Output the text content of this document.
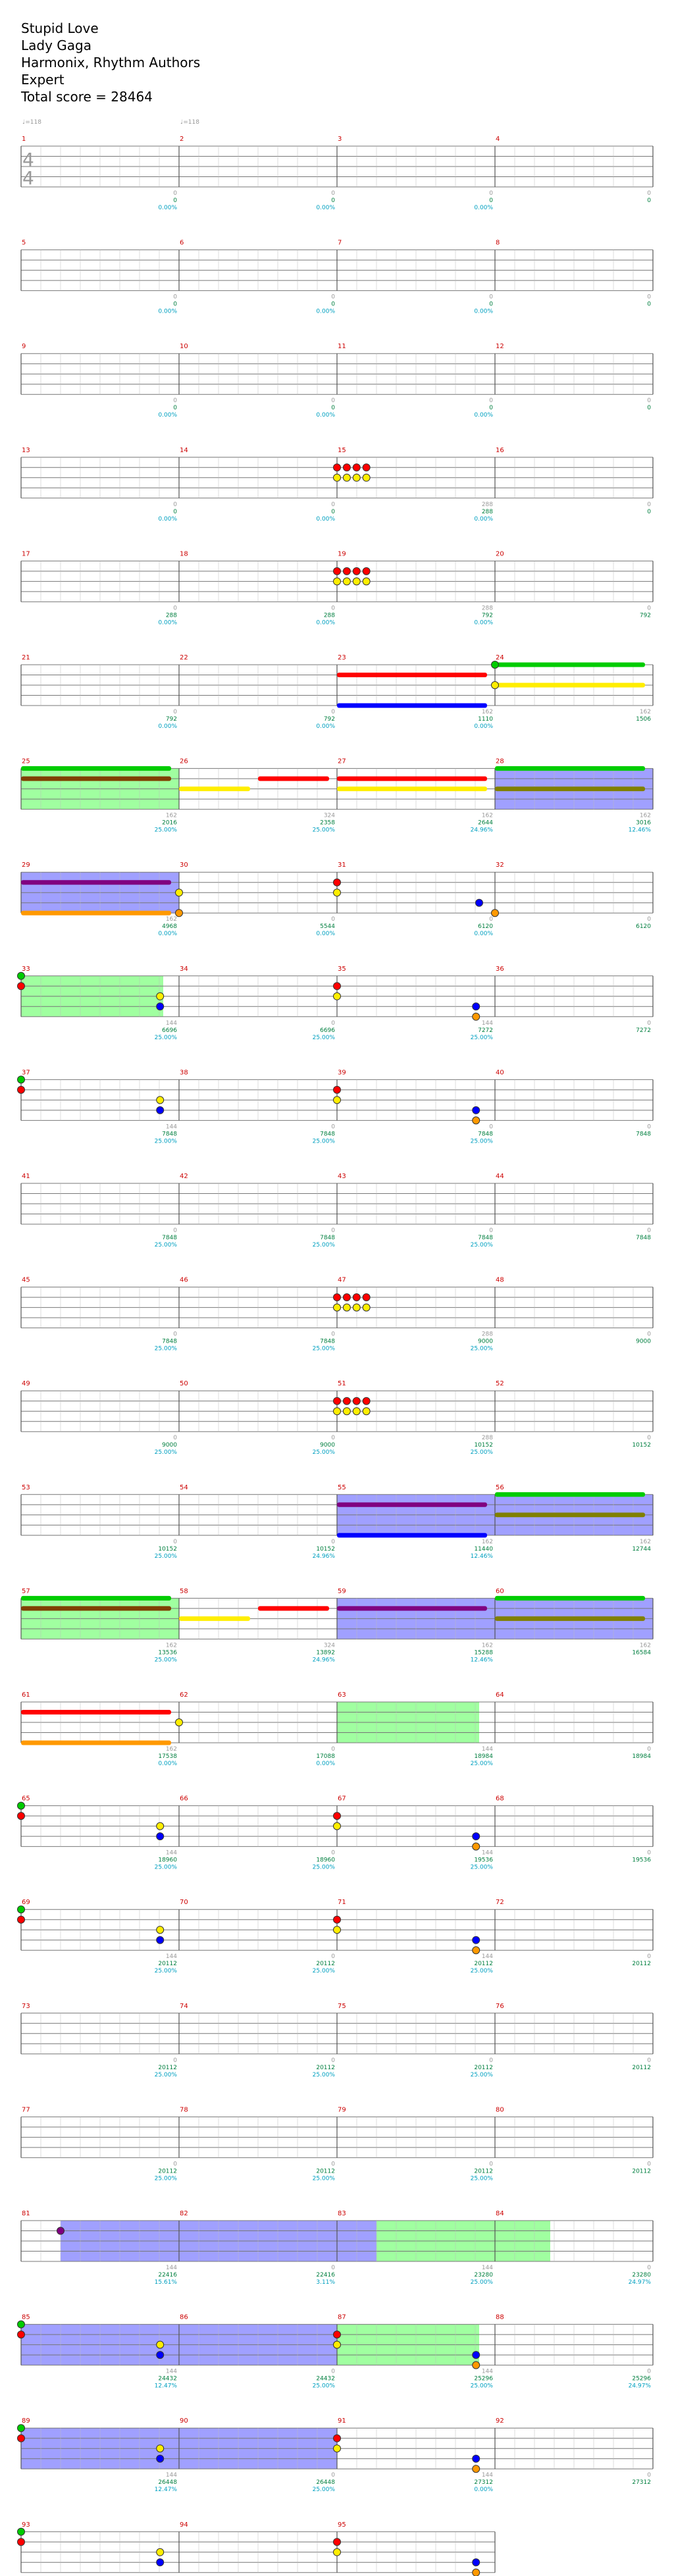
Stupid Love
Lady Gaga
Harmonix, Rhythm Authors
Expert
Total score = 28464
1
0
0
0.00%
2
0
0
0.00%
3
0
0
0.00%
4
0
0
5
0
0
0.00%
6
0
0
0.00%
7
0
0
0.00%
8
0
0
9
0
0
0.00%
10
0
0
0.00%
11
0
0
0.00%
12
0
0
13
0
0
0.00%
14
0
0
0.00%
15
288
288
0.00%
16
0
0
17
0
288
0.00%
18
0
288
0.00%
19
288
792
0.00%
20
0
792
21
0
792
0.00%
22
0
792
0.00%
23
162
1110
0.00%
24
162
1506
25
162
2016
25.00%
26
324
2358
25.00%
27
162
2644
24.96%
28
162
3016
12.46%
29
162
4968
0.00%
30
0
5544
0.00%
31
0
6120
0.00%
32
0
6120
33
144
6696
25.00%
34
0
6696
25.00%
35
144
7272
25.00%
36
0
7272
37
144
7848
25.00%
38
0
7848
25.00%
39
0
7848
25.00%
40
0
7848
41
0
7848
25.00%
42
0
7848
25.00%
43
0
7848
25.00%
44
0
7848
45
0
7848
25.00%
46
0
7848
25.00%
47
288
9000
25.00%
48
0
9000
49
0
9000
25.00%
50
0
9000
25.00%
51
288
10152
25.00%
52
0
10152
53
0
10152
25.00%
54
0
10152
24.96%
55
162
11440
12.46%
56
162
12744
57
162
13536
25.00%
58
324
13892
24.96%
59
162
15288
12.46%
60
162
16584
61
162
17538
0.00%
62
0
17088
0.00%
63
144
18984
25.00%
64
0
18984
65
144
18960
25.00%
66
0
18960
25.00%
67
144
19536
25.00%
68
0
19536
69
144
20112
25.00%
70
0
20112
25.00%
71
144
20112
25.00%
72
0
20112
73
0
20112
25.00%
74
0
20112
25.00%
75
0
20112
25.00%
76
0
20112
77
0
20112
25.00%
78
0
20112
25.00%
79
0
20112
25.00%
80
0
20112
81
144
22416
15.61%
82
0
22416
3.11%
83
144
23280
25.00%
84
0
23280
24.97%
85
144
24432
12.47%
86
0
24432
25.00%
87
144
25296
25.00%
88
0
25296
24.97%
89
144
26448
12.47%
90
0
26448
25.00%
91
144
27312
0.00%
92
0
27312
93	94	95
4
4
♩=118	♩=118
